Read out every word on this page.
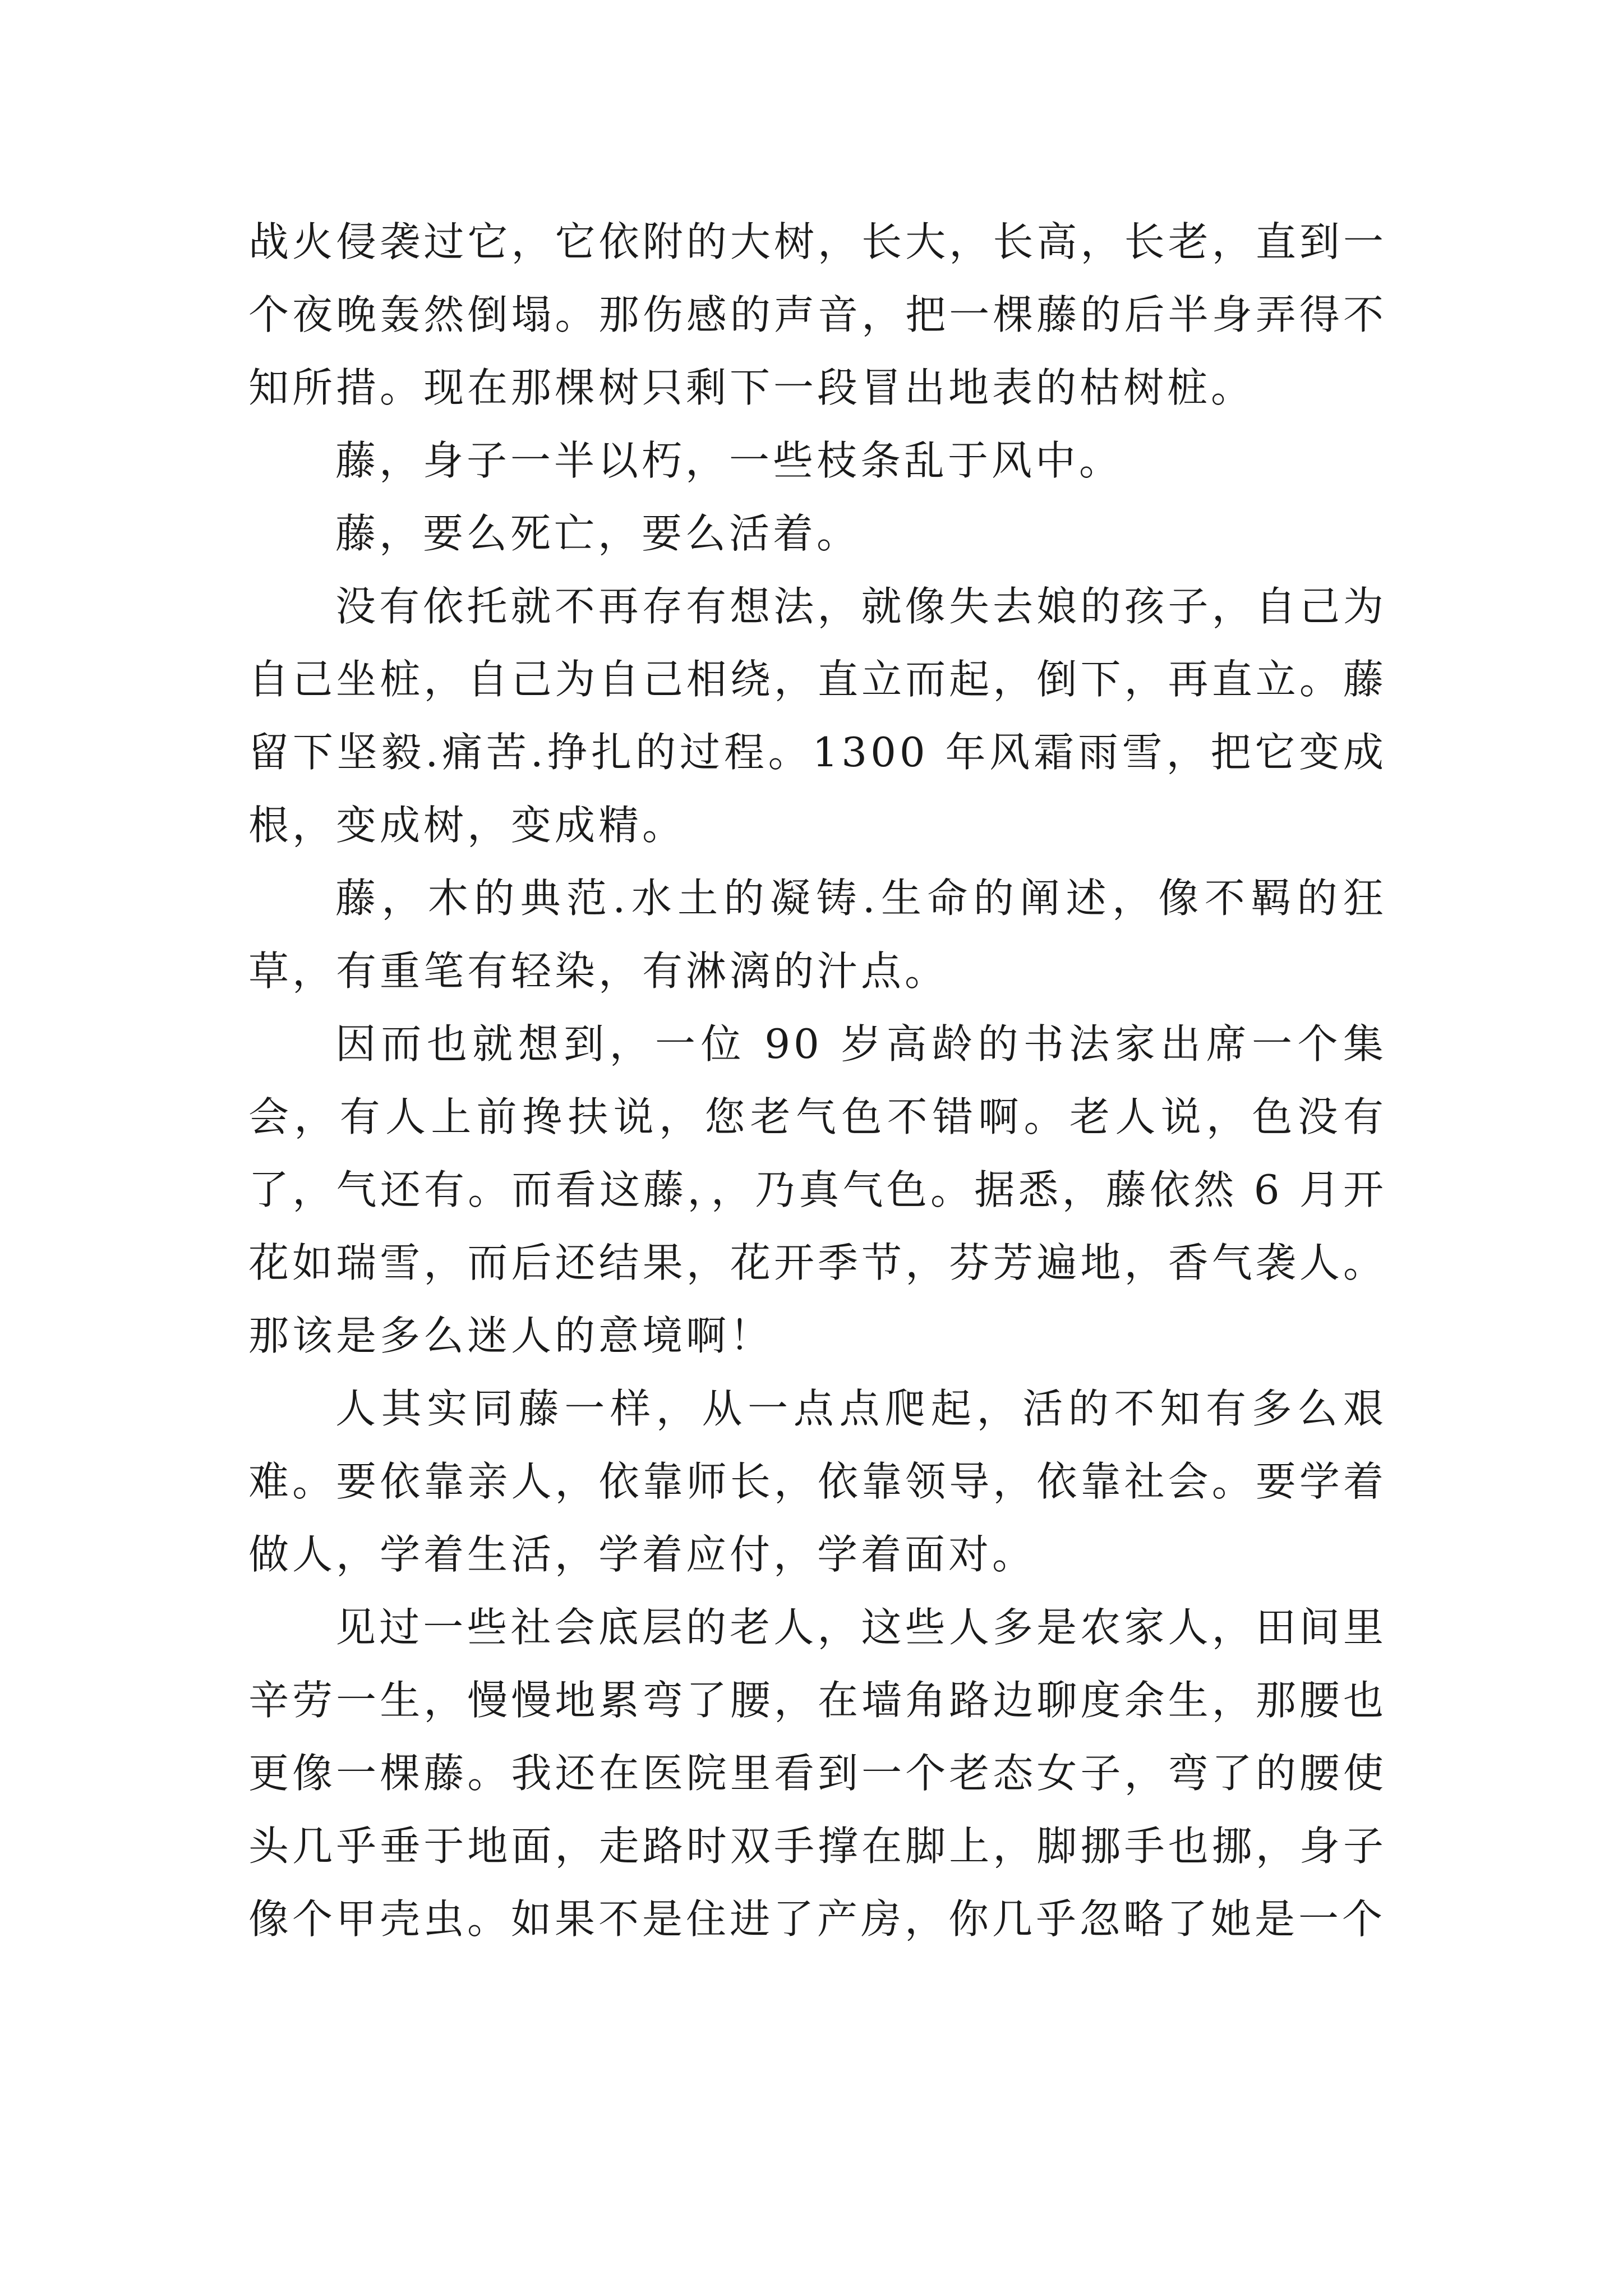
战火侵袭过它，它依附的大树，长大，长高，长老，直到一个夜晚轰然倒塌。那伤感的声音，把一棵藤的后半身弄得不知所措。现在那棵树只剩下一段冒出地表的枯树桩。

藤，身子一半以朽，一些枝条乱于风中。

藤，要么死亡，要么活着。

没有依托就不再存有想法，就像失去娘的孩子，自己为自己坐桩，自己为自己相绕，直立而起，倒下，再直立。藤留下坚毅.痛苦.挣扎的过程。1300 年风霜雨雪，把它变成根，变成树，变成精。

藤，木的典范.水土的凝铸.生命的阐述，像不羁的狂草，有重笔有轻染，有淋漓的汁点。

因而也就想到，一位 90 岁高龄的书法家出席一个集会，有人上前搀扶说，您老气色不错啊。老人说，色没有了，气还有。而看这藤，，乃真气色。据悉，藤依然 6 月开花如瑞雪，而后还结果，花开季节，芬芳遍地，香气袭人。那该是多么迷人的意境啊！

人其实同藤一样，从一点点爬起，活的不知有多么艰难。要依靠亲人，依靠师长，依靠领导，依靠社会。要学着做人，学着生活，学着应付，学着面对。

见过一些社会底层的老人，这些人多是农家人，田间里辛劳一生，慢慢地累弯了腰，在墙角路边聊度余生，那腰也更像一棵藤。我还在医院里看到一个老态女子，弯了的腰使头几乎垂于地面，走路时双手撑在脚上，脚挪手也挪，身子像个甲壳虫。如果不是住进了产房，你几乎忽略了她是一个
